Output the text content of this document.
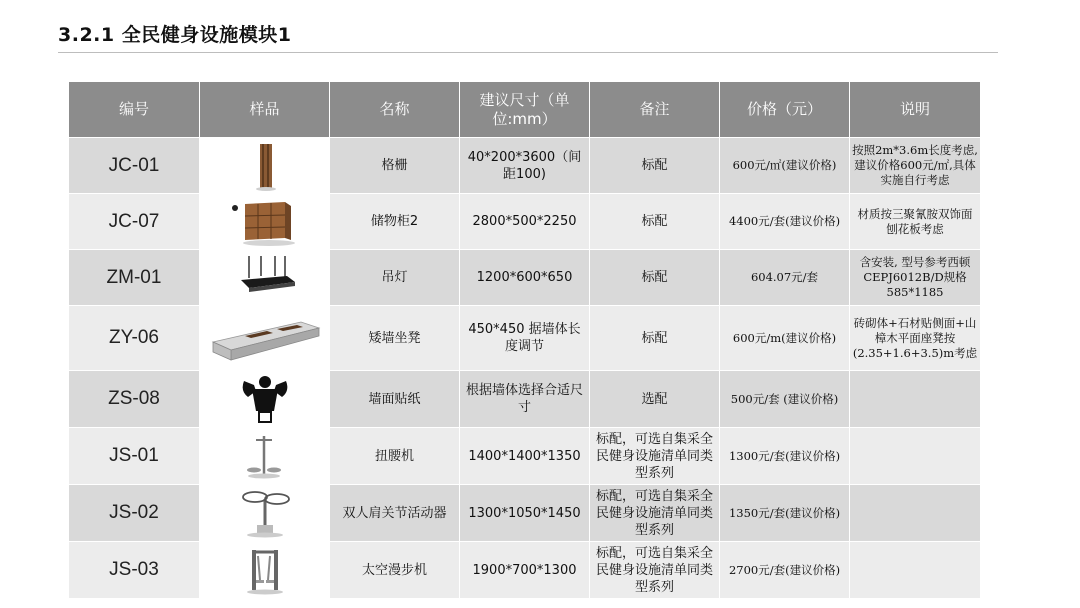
3.2.1 全民健身设施模块1
编号	样品	名称	建议尺寸（单位:mm）	备注	价格（元）	说明
JC-01		格栅	40*200*3600（间距100)	标配	600元/㎡(建议价格)	按照2m*3.6m长度考虑,建议价格600元/㎡,具体实施自行考虑
JC-07		储物柜2	2800*500*2250	标配	4400元/套(建议价格)	材质按三聚氰胺双饰面刨花板考虑
ZM-01		吊灯	1200*600*650	标配	604.07元/套	含安装, 型号参考西顿CEPJ6012B/D规格585*1185
ZY-06		矮墙坐凳	450*450 据墙体长度调节	标配	600元/m(建议价格)	砖砌体+石材贴侧面+山樟木平面座凳按 (2.35+1.6+3.5)m考虑
ZS-08		墙面贴纸	根据墙体选择合适尺寸	选配	500元/套 (建议价格)	
JS-01		扭腰机	1400*1400*1350	标配，可选自集采全民健身设施清单同类型系列	1300元/套(建议价格)	
JS-02		双人肩关节活动器	1300*1050*1450	标配，可选自集采全民健身设施清单同类型系列	1350元/套(建议价格)	
JS-03		太空漫步机	1900*700*1300	标配，可选自集采全民健身设施清单同类型系列	2700元/套(建议价格)	
